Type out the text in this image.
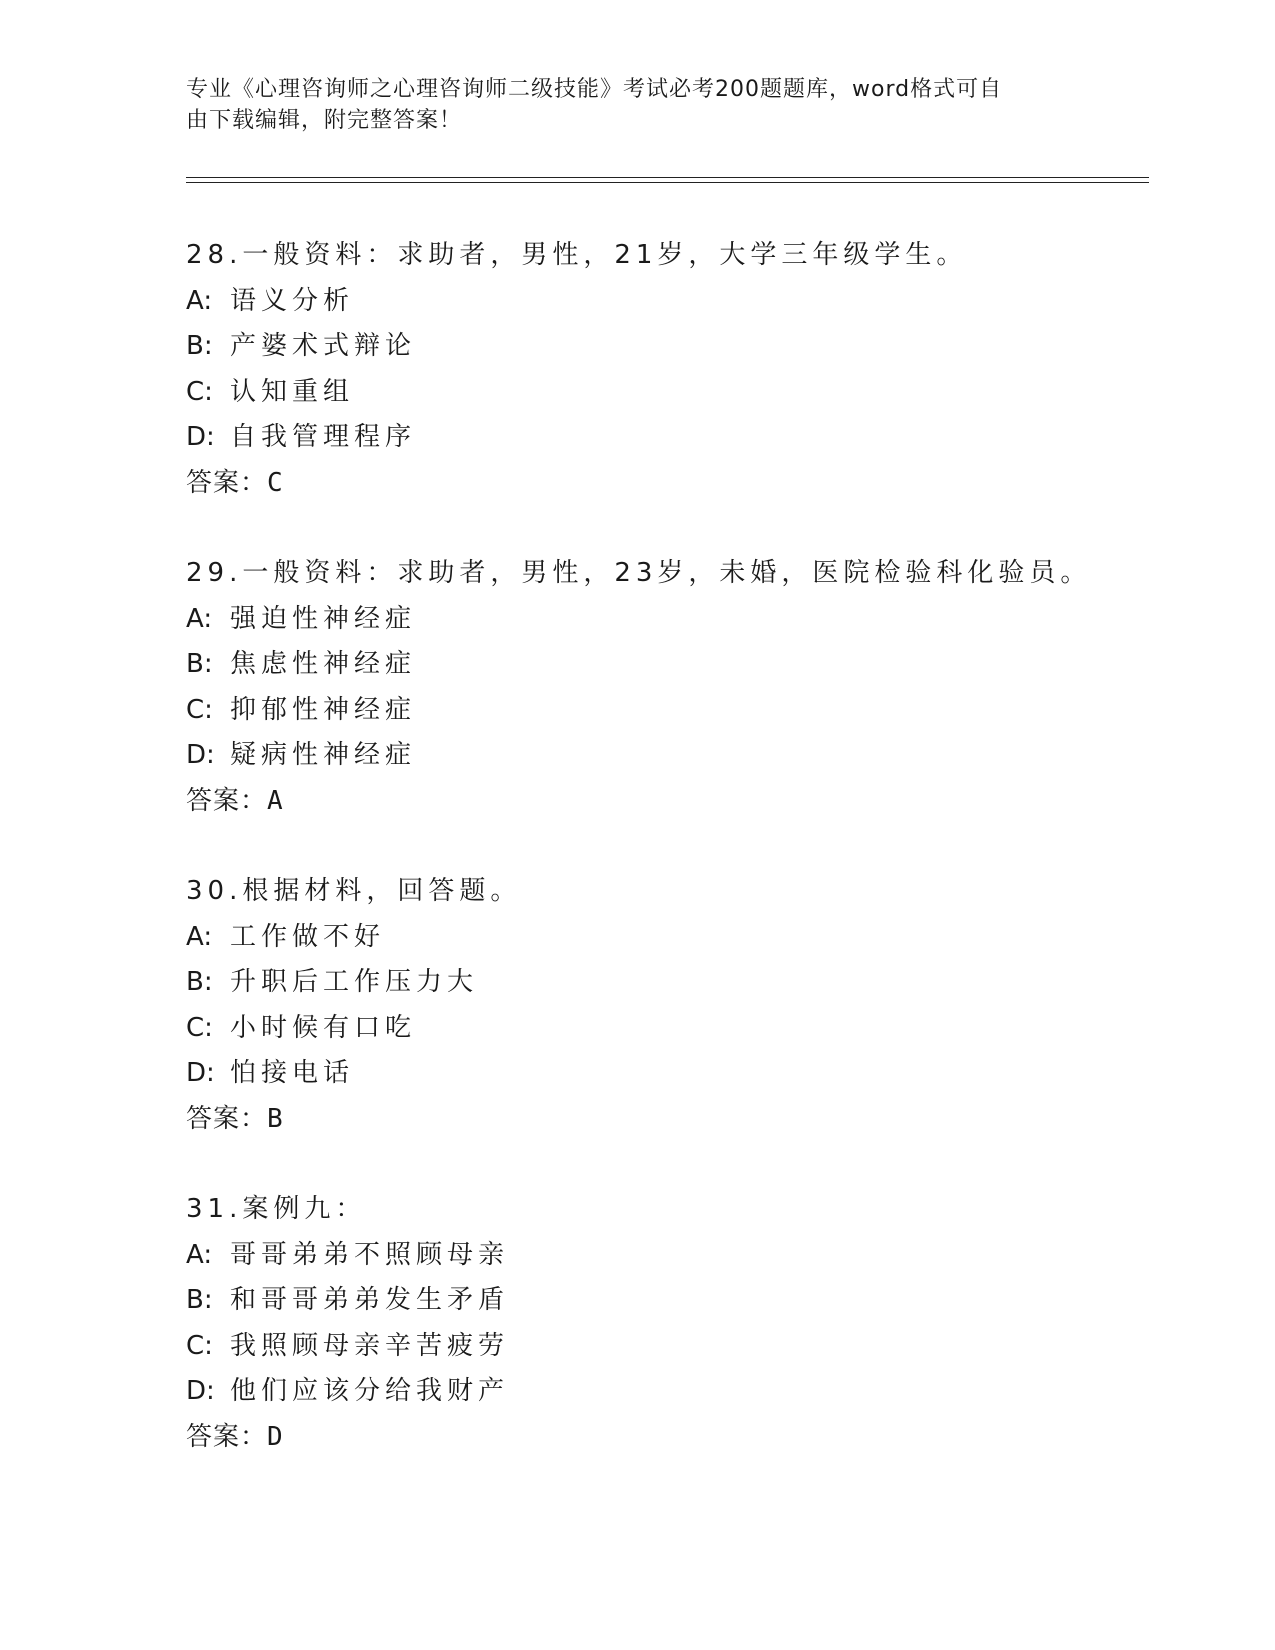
专业《心理咨询师之心理咨询师二级技能》考试必考200题题库，word格式可自
由下载编辑，附完整答案！
28.一般资料：求助者，男性，21岁，大学三年级学生。
A: 语义分析
B: 产婆术式辩论
C: 认知重组
D: 自我管理程序
答案：C
29.一般资料：求助者，男性，23岁，未婚，医院检验科化验员。
A: 强迫性神经症
B: 焦虑性神经症
C: 抑郁性神经症
D: 疑病性神经症
答案：A
30.根据材料，回答题。
A: 工作做不好
B: 升职后工作压力大
C: 小时候有口吃
D: 怕接电话
答案：B
31.案例九：
A: 哥哥弟弟不照顾母亲
B: 和哥哥弟弟发生矛盾
C: 我照顾母亲辛苦疲劳
D: 他们应该分给我财产
答案：D
